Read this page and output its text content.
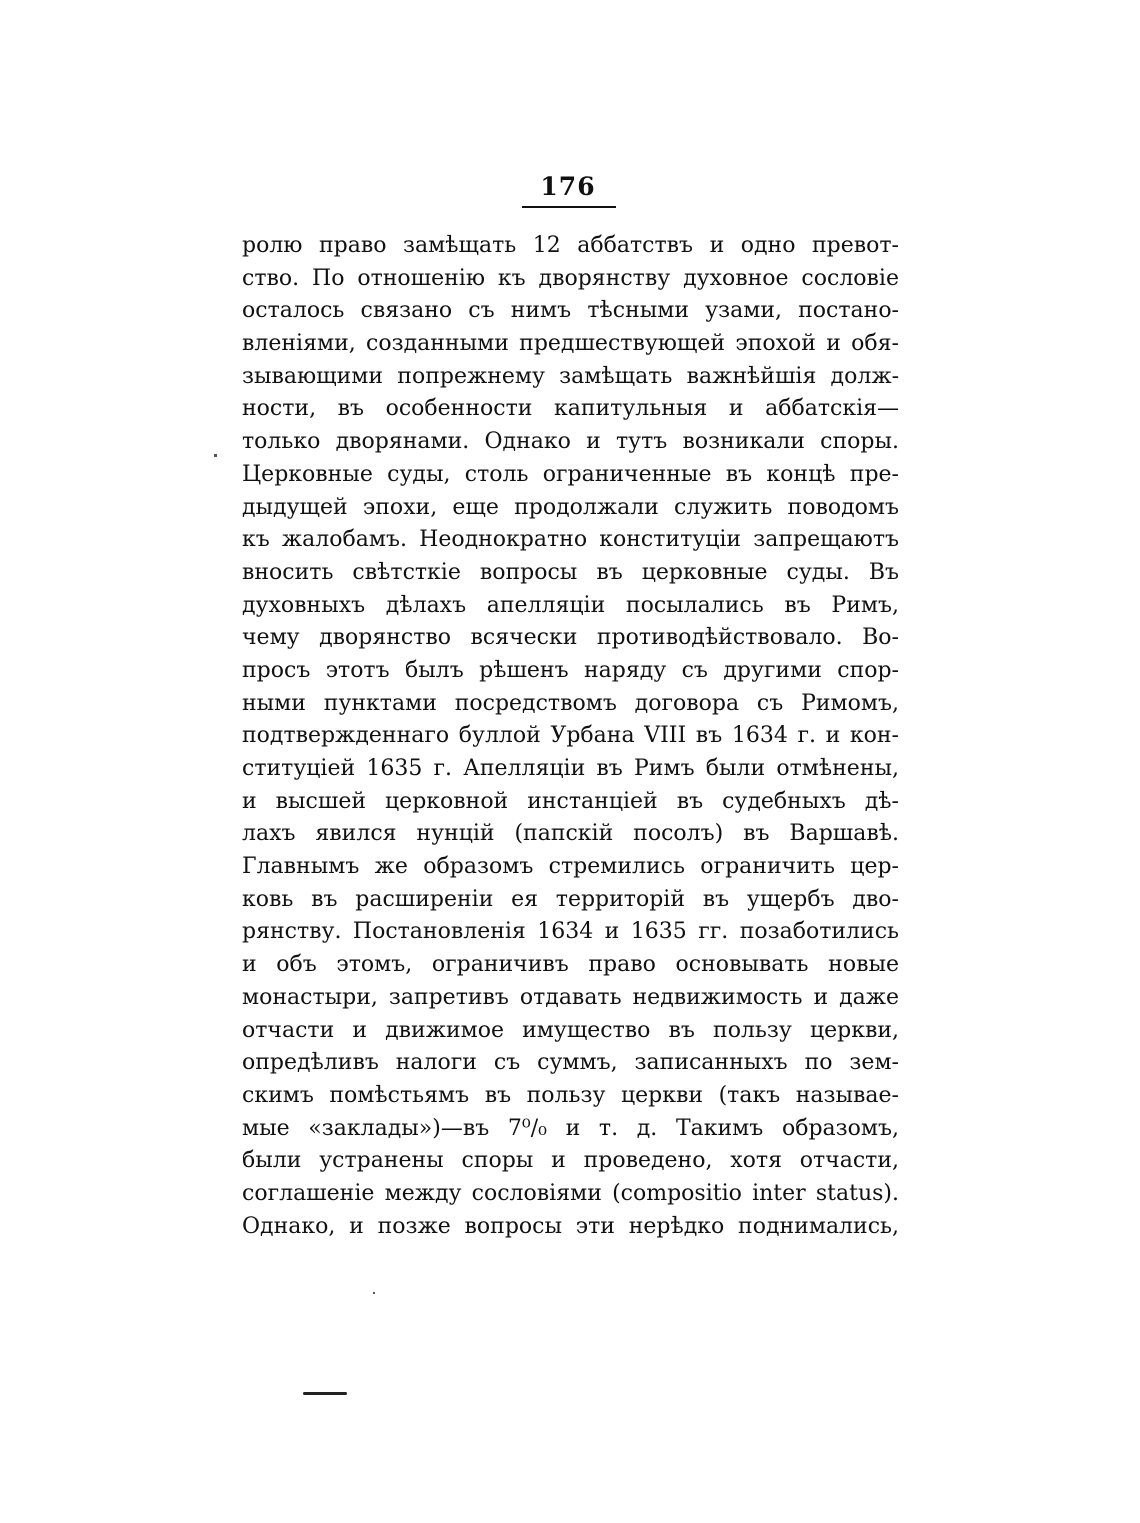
176
ролю право замѣщать 12 аббатствъ и одно превот-
ство. По отношенію къ дворянству духовное сословіе
осталось связано съ нимъ тѣсными узами, постано-
вленіями, созданными предшествующей эпохой и обя-
зывающими попрежнему замѣщать важнѣйшія долж-
ности, въ особенности капитульныя и аббатскія—
только дворянами. Однако и тутъ возникали споры.
Церковные суды, столь ограниченные въ концѣ пре-
дыдущей эпохи, еще продолжали служить поводомъ
къ жалобамъ. Неоднократно конституціи запрещаютъ
вносить свѣтсткіе вопросы въ церковные суды. Въ
духовныхъ дѣлахъ апелляціи посылались въ Римъ,
чему дворянство всячески противодѣйствовало. Во-
просъ этотъ былъ рѣшенъ наряду съ другими спор-
ными пунктами посредствомъ договора съ Римомъ,
подтвержденнаго буллой Урбана VIII въ 1634 г. и кон-
ституціей 1635 г. Апелляціи въ Римъ были отмѣнены,
и высшей церковной инстанціей въ судебныхъ дѣ-
лахъ явился нунцій (папскій посолъ) въ Варшавѣ.
Главнымъ же образомъ стремились ограничить цер-
ковь въ расширеніи ея территорій въ ущербъ дво-
рянству. Постановленія 1634 и 1635 гг. позаботились
и объ этомъ, ограничивъ право основывать новые
монастыри, запретивъ отдавать недвижимость и даже
отчасти и движимое имущество въ пользу церкви,
опредѣливъ налоги съ суммъ, записанныхъ по зем-
скимъ помѣстьямъ въ пользу церкви (такъ называе-
мые «заклады»)—въ 7⁰/₀ и т. д. Такимъ образомъ,
были устранены споры и проведено, хотя отчасти,
соглашеніе между сословіями (compositio inter status).
Однако, и позже вопросы эти нерѣдко поднимались,
